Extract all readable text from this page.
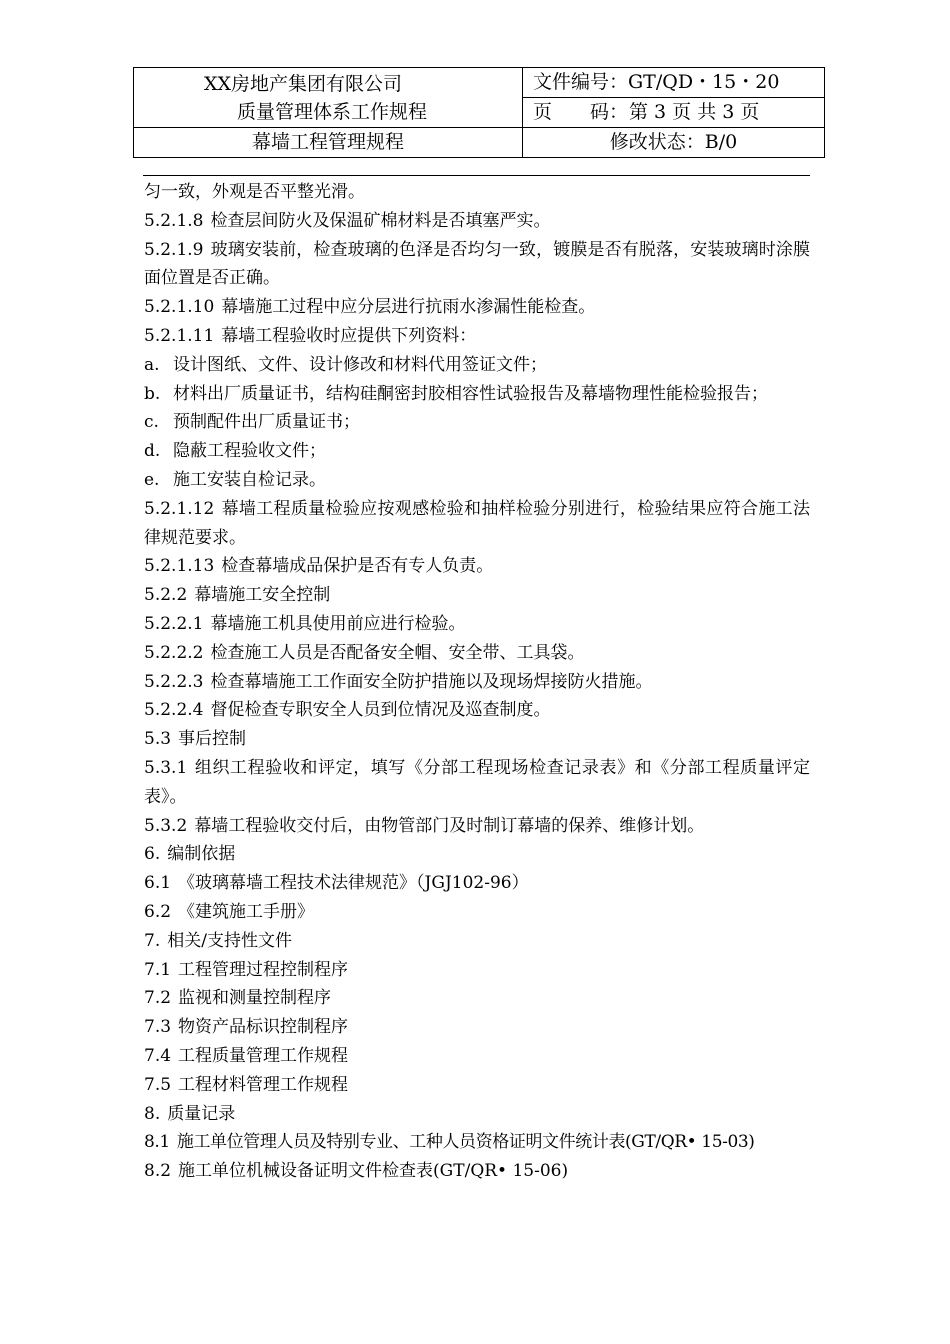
XX房地产集团有限公司
质量管理体系工作规程	文件编号：GT/QD・15・20
	页　　码：第 3 页 共 3 页
幕墙工程管理规程	修改状态：B/0

匀一致，外观是否平整光滑。

5.2.1.8 检查层间防火及保温矿棉材料是否填塞严实。

5.2.1.9 玻璃安装前，检查玻璃的色泽是否均匀一致，镀膜是否有脱落，安装玻璃时涂膜面位置是否正确。

5.2.1.10 幕墙施工过程中应分层进行抗雨水渗漏性能检查。

5.2.1.11 幕墙工程验收时应提供下列资料：

a. 设计图纸、文件、设计修改和材料代用签证文件；
b. 材料出厂质量证书，结构硅酮密封胶相容性试验报告及幕墙物理性能检验报告；
c. 预制配件出厂质量证书；
d. 隐蔽工程验收文件；
e. 施工安装自检记录。

5.2.1.12 幕墙工程质量检验应按观感检验和抽样检验分别进行，检验结果应符合施工法律规范要求。

5.2.1.13 检查幕墙成品保护是否有专人负责。

5.2.2 幕墙施工安全控制

5.2.2.1 幕墙施工机具使用前应进行检验。

5.2.2.2 检查施工人员是否配备安全帽、安全带、工具袋。

5.2.2.3 检查幕墙施工工作面安全防护措施以及现场焊接防火措施。

5.2.2.4 督促检查专职安全人员到位情况及巡查制度。

5.3 事后控制

5.3.1 组织工程验收和评定，填写《分部工程现场检查记录表》和《分部工程质量评定表》。

5.3.2 幕墙工程验收交付后，由物管部门及时制订幕墙的保养、维修计划。

6. 编制依据

6.1 《玻璃幕墙工程技术法律规范》（JGJ102-96）

6.2 《建筑施工手册》

7. 相关/支持性文件

7.1 工程管理过程控制程序

7.2 监视和测量控制程序

7.3 物资产品标识控制程序

7.4 工程质量管理工作规程

7.5 工程材料管理工作规程

8. 质量记录

8.1 施工单位管理人员及特别专业、工种人员资格证明文件统计表(GT/QR• 15-03)

8.2 施工单位机械设备证明文件检查表(GT/QR• 15-06)
